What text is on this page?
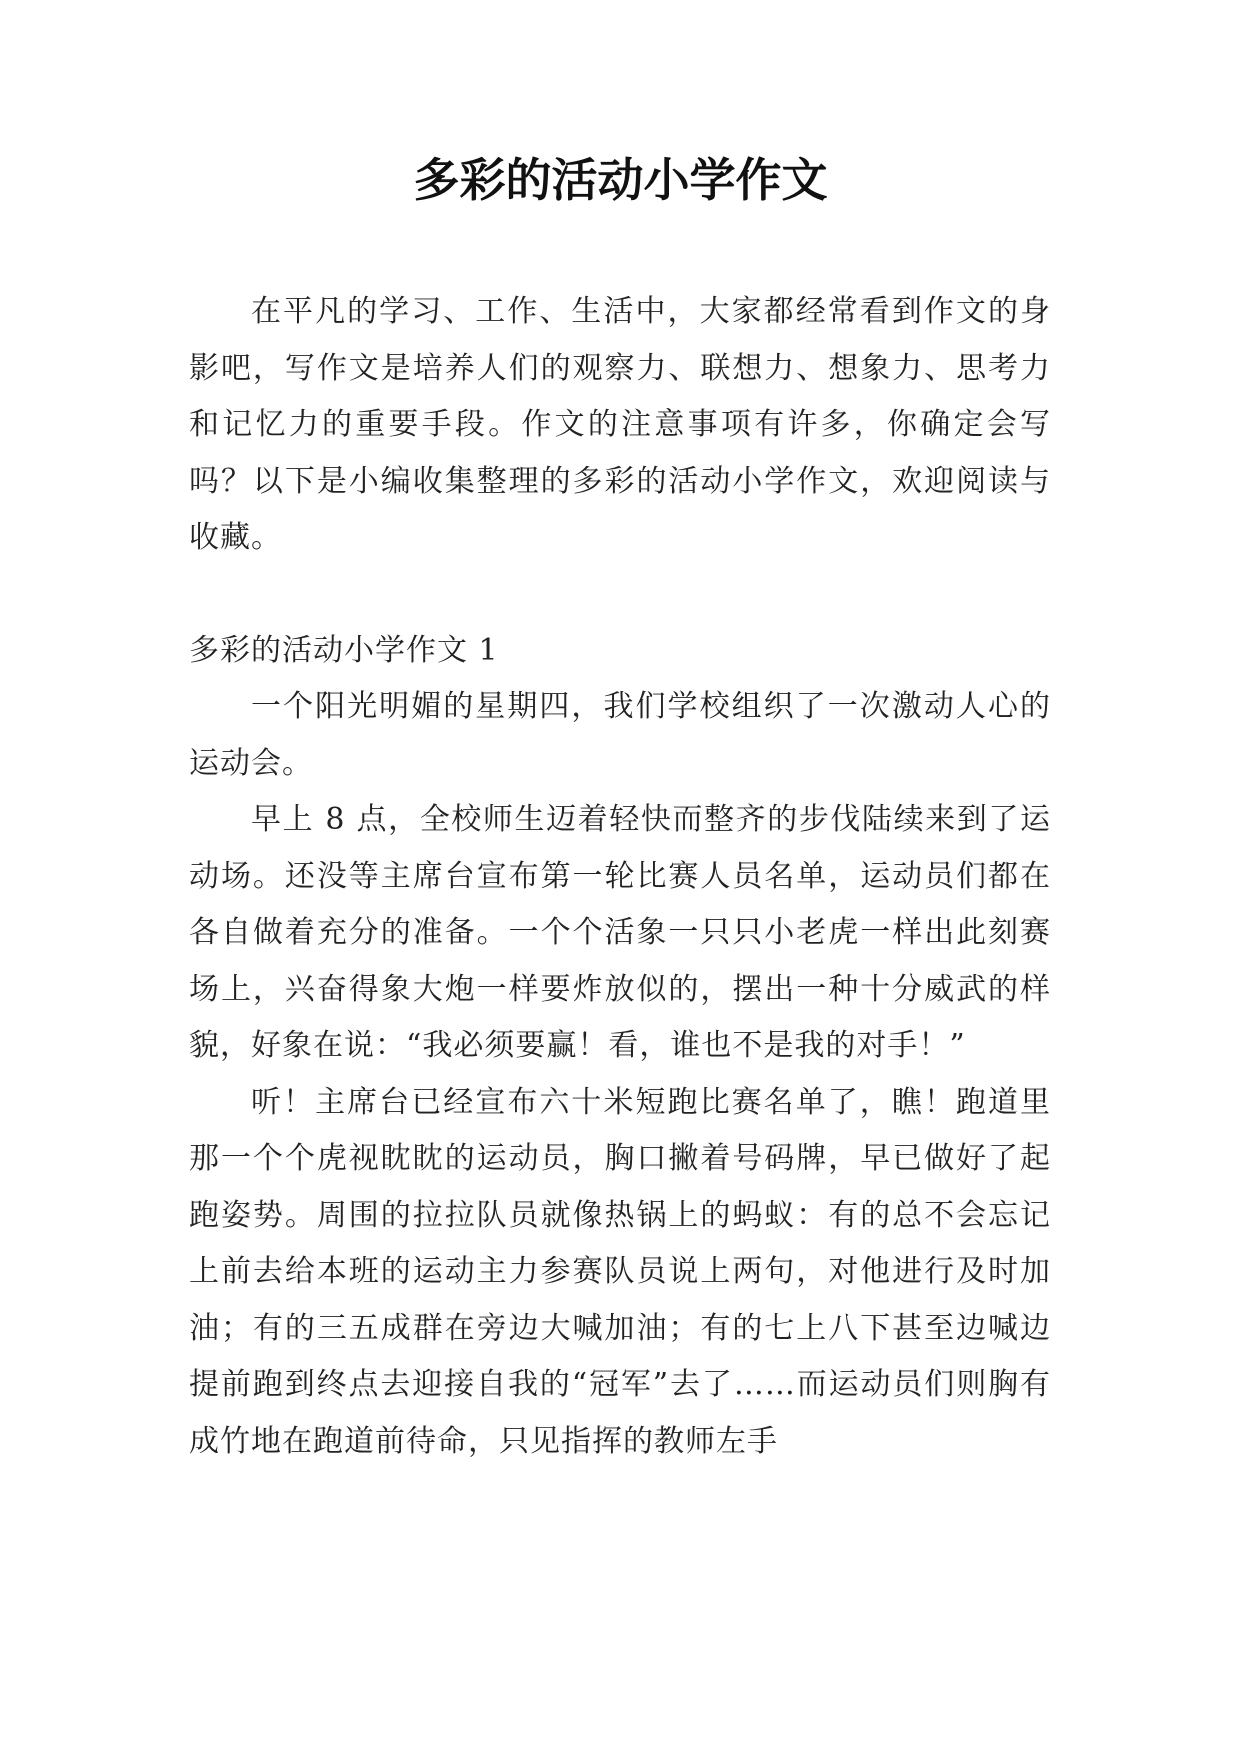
多彩的活动小学作文

在平凡的学习、工作、生活中，大家都经常看到作文的身影吧，写作文是培养人们的观察力、联想力、想象力、思考力和记忆力的重要手段。作文的注意事项有许多，你确定会写吗？以下是小编收集整理的多彩的活动小学作文，欢迎阅读与收藏。

多彩的活动小学作文 1

一个阳光明媚的星期四，我们学校组织了一次激动人心的运动会。

早上 8 点，全校师生迈着轻快而整齐的步伐陆续来到了运动场。还没等主席台宣布第一轮比赛人员名单，运动员们都在各自做着充分的准备。一个个活象一只只小老虎一样出此刻赛场上，兴奋得象大炮一样要炸放似的，摆出一种十分威武的样貌，好象在说：“我必须要赢！看，谁也不是我的对手！”

听！主席台已经宣布六十米短跑比赛名单了，瞧！跑道里那一个个虎视眈眈的运动员，胸口撇着号码牌，早已做好了起跑姿势。周围的拉拉队员就像热锅上的蚂蚁：有的总不会忘记上前去给本班的运动主力参赛队员说上两句，对他进行及时加油；有的三五成群在旁边大喊加油；有的七上八下甚至边喊边提前跑到终点去迎接自我的“冠军”去了……而运动员们则胸有成竹地在跑道前待命，只见指挥的教师左手
